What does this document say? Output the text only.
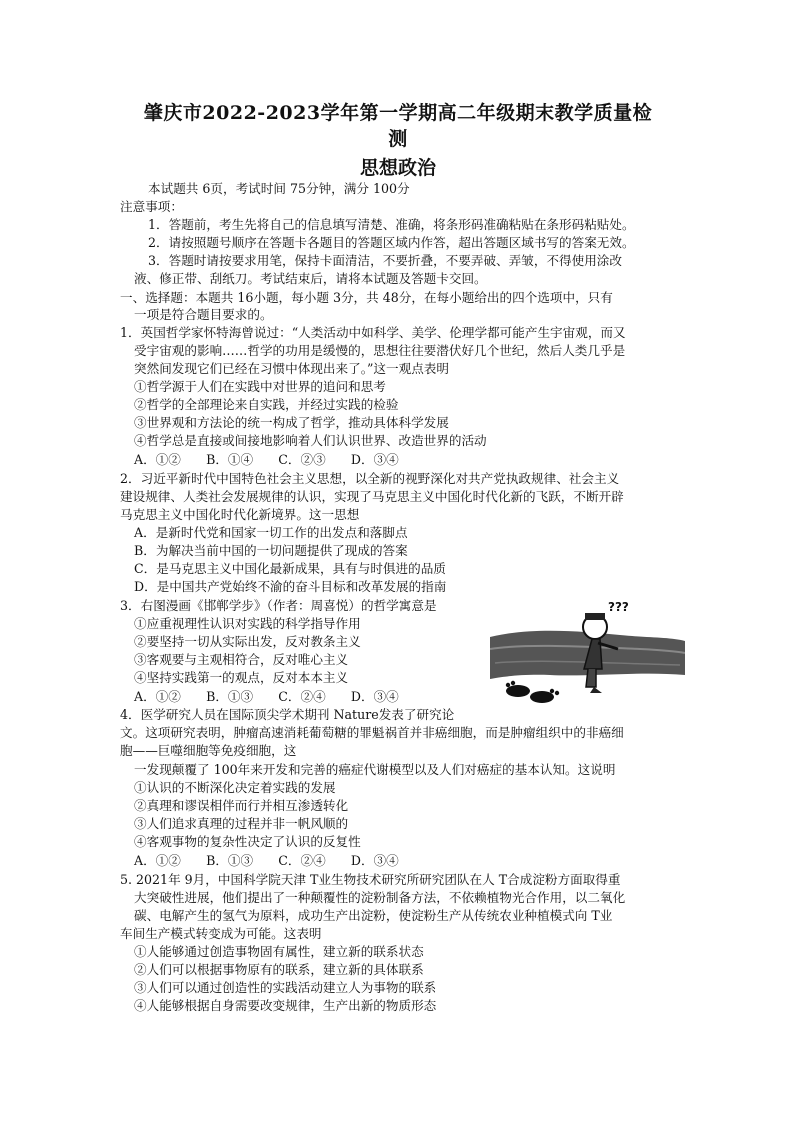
肇庆市2022-2023学年第一学期高二年级期末教学质量检
测
思想政治
本试题共 6页，考试时间 75分钟，满分 100分
注意事项：
1．答题前，考生先将自己的信息填写清楚、准确，将条形码准确粘贴在条形码粘贴处。
2．请按照题号顺序在答题卡各题目的答题区域内作答，超出答题区域书写的答案无效。
3．答题时请按要求用笔，保持卡面清洁，不要折叠，不要弄破、弄皱，不得使用涂改
液、修正带、刮纸刀。考试结束后，请将本试题及答题卡交回。
一、选择题：本题共 16小题，每小题 3分，共 48分，在每小题给出的四个选项中，只有
一项是符合题目要求的。
1．英国哲学家怀特海曾说过：“人类活动中如科学、美学、伦理学都可能产生宇宙观，而又
受宇宙观的影响……哲学的功用是缓慢的，思想往往要潜伏好几个世纪，然后人类几乎是
突然间发现它们已经在习惯中体现出来了。”这一观点表明
①哲学源于人们在实践中对世界的追问和思考
②哲学的全部理论来自实践，并经过实践的检验
③世界观和方法论的统一构成了哲学，推动具体科学发展
④哲学总是直接或间接地影响着人们认识世界、改造世界的活动
A．①②　　B．①④　　C．②③　　D．③④
2．习近平新时代中国特色社会主义思想，以全新的视野深化对共产党执政规律、社会主义
建设规律、人类社会发展规律的认识，实现了马克思主义中国化时代化新的飞跃，不断开辟
马克思主义中国化时代化新境界。这一思想
A．是新时代党和国家一切工作的出发点和落脚点
B．为解决当前中国的一切问题提供了现成的答案
C．是马克思主义中国化最新成果，具有与时俱进的品质
D．是中国共产党始终不渝的奋斗目标和改革发展的指南
3．右图漫画《邯郸学步》（作者：周喜悦）的哲学寓意是
①应重视理性认识对实践的科学指导作用
②要坚持一切从实际出发，反对教条主义
③客观要与主观相符合，反对唯心主义
④坚持实践第一的观点，反对本本主义
A．①②　　B．①③　　C．②④　　D．③④
???
4．医学研究人员在国际顶尖学术期刊 Nature发表了研究论
文。这项研究表明，肿瘤高速消耗葡萄糖的罪魁祸首并非癌细胞，而是肿瘤组织中的非癌细
胞——巨噬细胞等免疫细胞，这
一发现颠覆了 100年来开发和完善的癌症代谢模型以及人们对癌症的基本认知。这说明
①认识的不断深化决定着实践的发展
②真理和谬误相伴而行并相互渗透转化
③人们追求真理的过程并非一帆风顺的
④客观事物的复杂性决定了认识的反复性
A．①②　　B．①③　　C．②④　　D．③④
5. 2021年 9月，中国科学院天津 T业生物技术研究所研究团队在人 T合成淀粉方面取得重
大突破性进展，他们提出了一种颠覆性的淀粉制备方法，不依赖植物光合作用，以二氧化
碳、电解产生的氢气为原料，成功生产出淀粉，使淀粉生产从传统农业种植模式向 T业
车间生产模式转变成为可能。这表明
①人能够通过创造事物固有属性，建立新的联系状态
②人们可以根据事物原有的联系，建立新的具体联系
③人们可以通过创造性的实践活动建立人为事物的联系
④人能够根据自身需要改变规律，生产出新的物质形态
